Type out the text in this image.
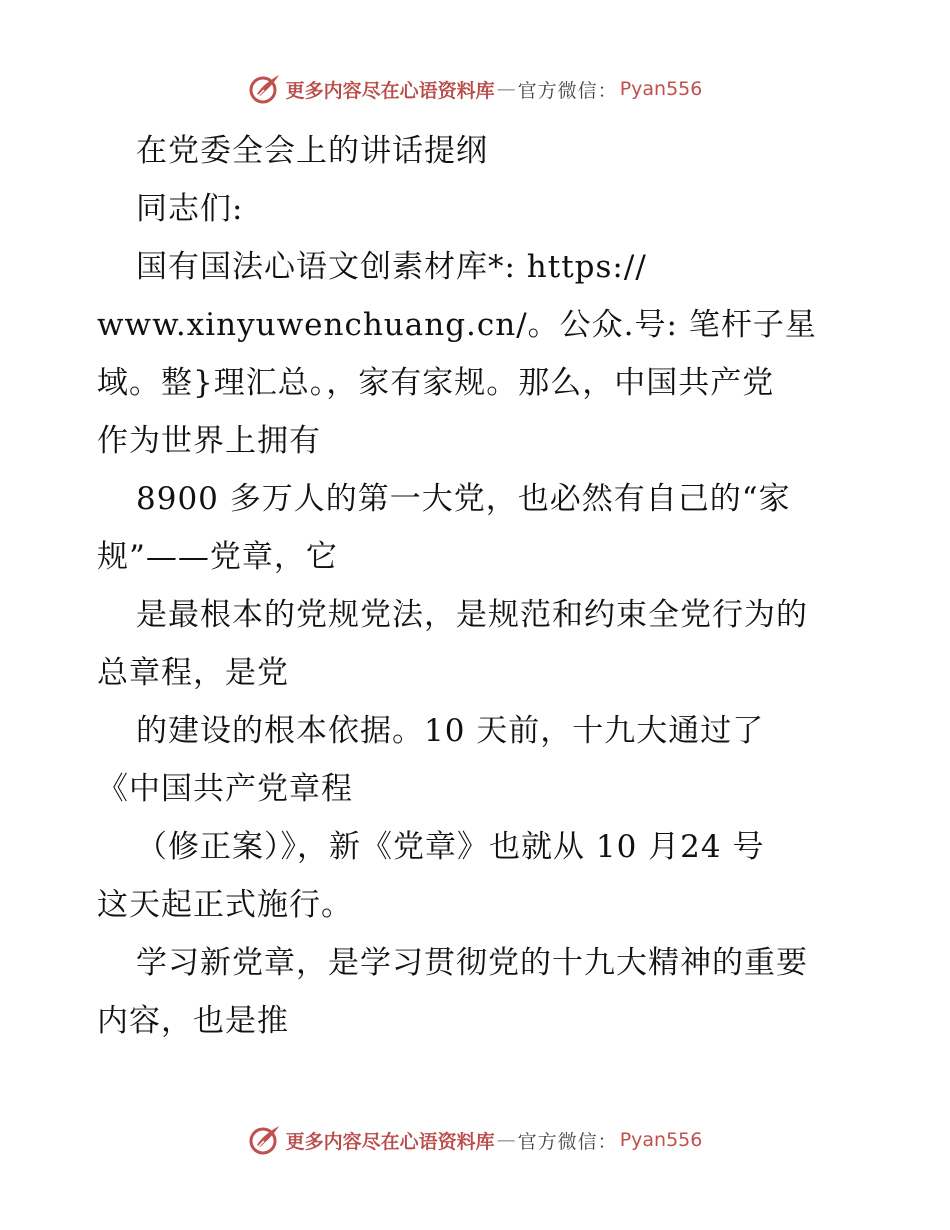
更多内容尽在心语资料库 — 官方微信： Pyan556
在党委全会上的讲话提纲
同志们:
国有国法心语文创素材库*: https://
www.xinyuwenchuang.cn/。公众.号: 笔杆子星
域。整}理汇总。，家有家规。那么，中国共产党
作为世界上拥有
8900 多万人的第一大党，也必然有自己的“家
规”——党章，它
是最根本的党规党法，是规范和约束全党行为的
总章程，是党
的建设的根本依据。10 天前，十九大通过了
《中国共产党章程
（修正案）》，新《党章》也就从 10 月24 号
这天起正式施行。
学习新党章，是学习贯彻党的十九大精神的重要
内容，也是推
更多内容尽在心语资料库 — 官方微信： Pyan556
